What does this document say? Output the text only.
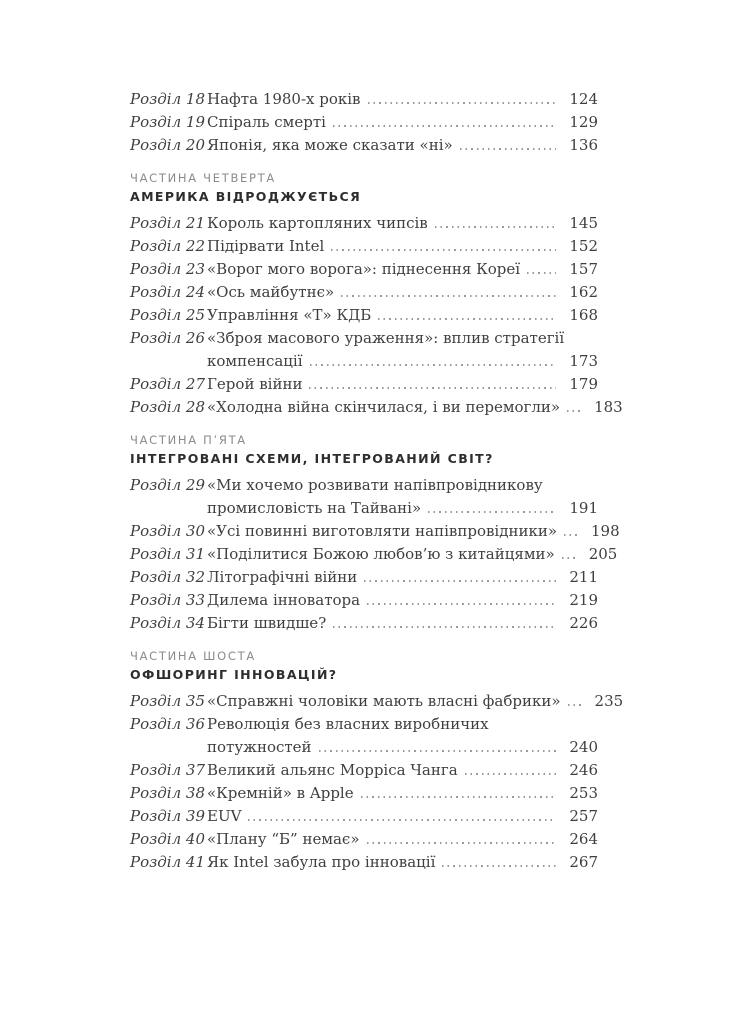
Розділ 18 Нафта 1980-х років	124
Розділ 19 Спіраль смерті	129
Розділ 20 Японія, яка може сказати «ні»	136
ЧАСТИНА ЧЕТВЕРТА
АМЕРИКА ВІДРОДЖУЄТЬСЯ
Розділ 21 Король картопляних чипсів	145
Розділ 22 Підірвати Intel	152
Розділ 23 «Ворог мого ворога»: піднесення Кореї	157
Розділ 24 «Ось майбутнє»	162
Розділ 25 Управління «Т» КДБ	168
Розділ 26 «Зброя масового ураження»: вплив стратегії
компенсації	173
Розділ 27 Герой війни	179
Розділ 28 «Холодна війна скінчилася, і ви перемогли» 183
ЧАСТИНА П’ЯТА
ІНТЕГРОВАНІ СХЕМИ, ІНТЕГРОВАНИЙ СВІТ?
Розділ 29 «Ми хочемо розвивати напівпровідникову
промисловість на Тайвані»	191
Розділ 30 «Усі повинні виготовляти напівпровідники» 198
Розділ 31 «Поділитися Божою любов’ю з китайцями» 205
Розділ 32 Літографічні війни	211
Розділ 33 Дилема інноватора	219
Розділ 34 Бігти швидше?	226
ЧАСТИНА ШОСТА
ОФШОРИНГ ІННОВАЦІЙ?
Розділ 35 «Справжні чоловіки мають власні фабрики» 235
Розділ 36 Революція без власних виробничих
потужностей	240
Розділ 37 Великий альянс Морріса Чанга	246
Розділ 38 «Кремній» в Apple	253
Розділ 39 EUV	257
Розділ 40 «Плану “Б” немає»	264
Розділ 41 Як Intel забула про інновації	267
